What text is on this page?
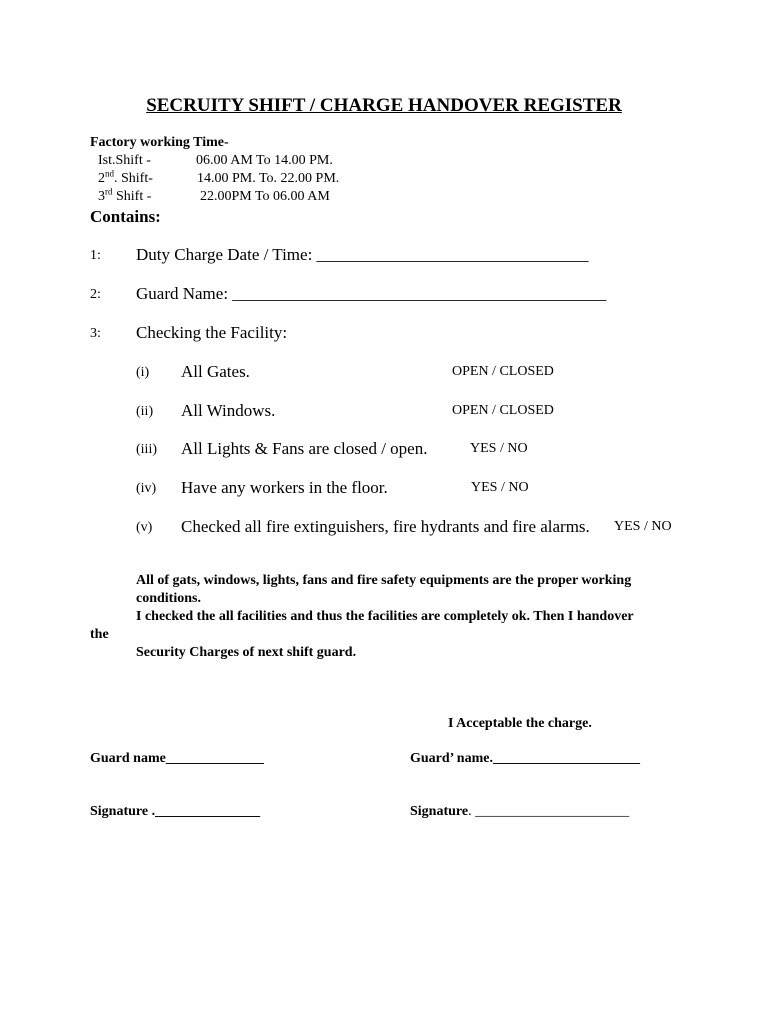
SECRUITY SHIFT / CHARGE HANDOVER REGISTER
Factory working Time-
Ist.Shift -	06.00 AM To 14.00 PM.
2nd. Shift-	14.00 PM. To. 22.00 PM.
3rd Shift -	22.00PM To 06.00 AM
Contains:
1: Duty Charge Date / Time: ________________________________
2: Guard Name: ____________________________________________
3: Checking the Facility:
(i) All Gates.	OPEN / CLOSED
(ii) All Windows.	OPEN / CLOSED
(iii) All Lights & Fans are closed / open.	YES / NO
(iv) Have any workers in the floor.	YES / NO
(v) Checked all fire extinguishers, fire hydrants and fire alarms. YES / NO
All of gats, windows, lights, fans and fire safety equipments are the proper working
conditions.
I checked the all facilities and thus the facilities are completely ok. Then I handover
the
Security Charges of next shift guard.
I Acceptable the charge.
Guard name______________	Guard’ name._____________________
Signature ._______________	Signature. ______________________
